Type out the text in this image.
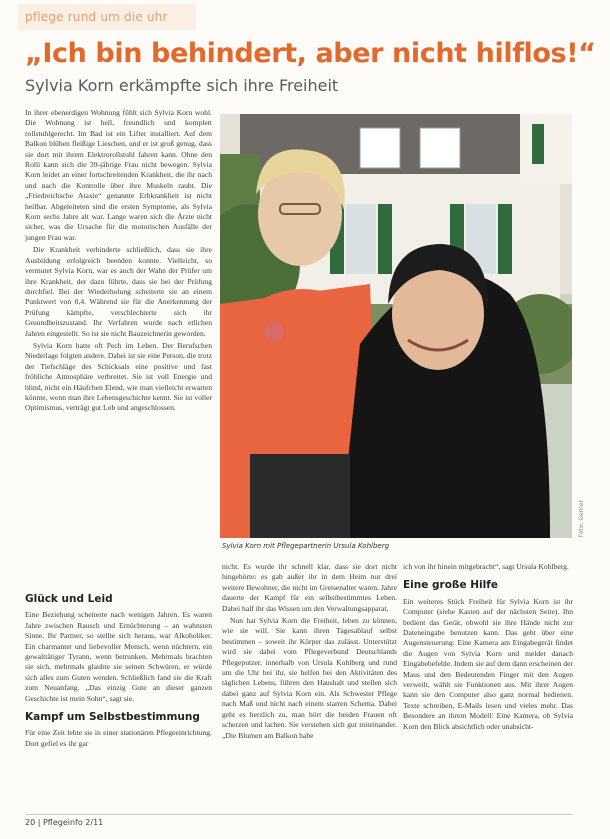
pflege rund um die uhr
„Ich bin behindert, aber nicht hilflos!“
Sylvia Korn erkämpfte sich ihre Freiheit

In ihrer ebenerdigen Wohnung fühlt sich Sylvia Korn wohl. Die Wohnung ist hell, freundlich und komplett rollstuhlgerecht. Im Bad ist ein Lifter installiert. Auf dem Balkon blühen fleißige Lieschen, und er ist groß genug, dass sie dort mit ihrem Elektrorollstuhl fahren kann. Ohne den Rolli kann sich die 39-jährige Frau nicht bewegen. Sylvia Korn leidet an einer fortschreitenden Krankheit, die ihr nach und nach die Kontrolle über ihre Muskeln raubt. Die „Friedreichsche Ataxie“ genannte Erbkrankheit ist nicht heilbar. Abgeleiteten sind die ersten Symptome, als Sylvia Korn sechs Jahre alt war. Lange waren sich die Ärzte nicht sicher, was die Ursache für die motorischen Ausfälle der jungen Frau war.

Die Krankheit verhinderte schließlich, dass sie ihre Ausbildung erfolgreich beenden konnte. Vielleicht, so vermutet Sylvia Korn, war es auch der Wahn der Prüfer um ihre Krankheit, der dazu führte, dass sie bei der Prüfung durchfiel. Bei der Wiederholung scheiterte sie an einem Punktwert von 0,4. Während sie für die Anerkennung der Prüfung kämpfte, verschlechterte sich ihr Gesundheitszustand. Ihr Verfahren wurde nach etlichen Jahren eingestellt. So ist sie nicht Bauzeichnerin geworden.

Sylvia Korn hatte oft Pech im Leben. Der Berufschen Niederlage folgten andere. Dabei ist sie eine Person, die trotz der Tiefschläge des Schicksals eine positive und fast fröhliche Atmosphäre verbreitet. Sie ist voll Energie und blind, nicht ein Häufchen Elend, wie man vielleicht erwarten könnte, wenn man ihre Lebensgeschichte kennt. Sie ist voller Optimismus, verträgt gut Lob und angeschlossen.

Glück und Leid

Eine Beziehung scheiterte nach wenigen Jahren. Es waren Jahre zwischen Rausch und Ernüchterung – an wahnsten Sinne. Ihr Partner, so stellte sich heraus, war Alkoholiker. Ein charmanter und liebevoller Mensch, wenn nüchtern, ein gewalttätiger Tyrann, wenn betrunken. Mehrmals brachten sie sich, mehrmals glaubte sie seinen Schwüren, er würde sich alles zum Guten wenden. Schließlich fand sie die Kraft zum Neuanfang. „Das einzig Gute an dieser ganzen Geschichte ist mein Sohn“, sagt sie.

Kampf um Selbstbestimmung

Für eine Zeit lebte sie in einer stationären Pflegeeinrichtung. Dort gefiel es ihr gar

Foto: Gerner
Sylvia Korn mit Pflegepartnerin Ursula Kohlberg

nicht. Es wurde ihr schnell klar, dass sie dort nicht hingehörte: es gab außer ihr in dem Heim nur drei weitere Bewohner, die nicht im Greisenalter waren. Jahre dauerte der Kampf für ein selbstbestimmtes Leben. Dabei half ihr das Wissen um den Verwaltungsapparat.

Nun hat Sylvia Korn die Freiheit, leben zu können, wie sie will. Sie kann ihren Tagesablauf selbst bestimmen – soweit ihr Körper das zulässt. Unterstützt wird sie dabei vom Pflegeverbund Deutschlands Pflegeputzer, innerhalb von Ursula Kohlberg und rund um die Uhr bei ihr, sie helfen bei den Aktivitäten des täglichen Lebens, führen den Haushalt und stellen sich dabei ganz auf Sylvia Korn ein. Als Schwester Pflege nach Maß und nicht nach einem starren Schema. Dabei geht es herzlich zu, man hört die beiden Frauen oft scherzen und lachen. Sie verstehen sich gut miteinander. „Die Blumen am Balkon habe

ich von ihr hinein mitgebracht“, sagt Ursula Kohlberg.

Eine große Hilfe

Ein weiteres Stück Freiheit für Sylvia Korn ist ihr Computer (siehe Kasten auf der nächsten Seite). Ihn bedient das Gerät, obwohl sie ihre Hände nicht zur Dateneingabe benutzen kann. Das geht über eine Augensteuerung: Eine Kamera am Eingabegerät findet die Augen von Sylvia Korn und meldet danach Eingabebefehle. Indem sie auf dem dann erscheinen der Maus und den Bedeutenden Finger mit den Augen verweilt, wählt sie Funktionen aus. Mit ihrer Augen kann sie den Computer also ganz normal bedienen. Texte schreiben, E-Mails lesen und vieles mehr. Das Besondere an ihrem Modell: Eine Kamera, ob Sylvia Korn den Blick absichtlich oder unabsicht-

20 | Pflegeinfo 2/11
